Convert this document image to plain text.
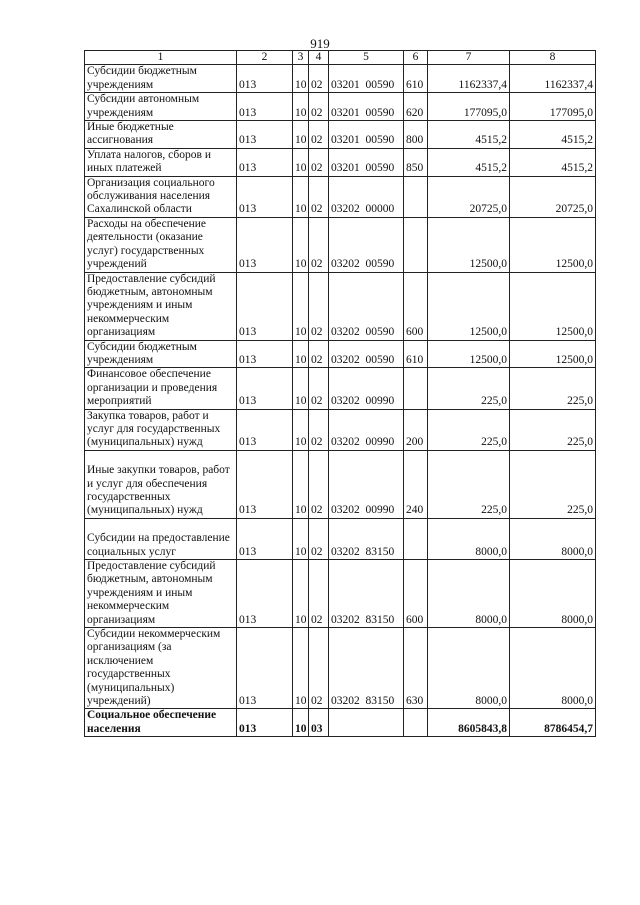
919
1	2	3	4	5	6	7	8
Субсидии бюджетным учреждениям	013	10	02	03201  00590	610	1162337,4	1162337,4
Субсидии автономным учреждениям	013	10	02	03201  00590	620	177095,0	177095,0
Иные бюджетные ассигнования	013	10	02	03201  00590	800	4515,2	4515,2
Уплата налогов, сборов и иных платежей	013	10	02	03201  00590	850	4515,2	4515,2
Организация социального обслуживания населения Сахалинской области	013	10	02	03202  00000		20725,0	20725,0
Расходы на обеспечение деятельности (оказание услуг) государственных учреждений	013	10	02	03202  00590		12500,0	12500,0
Предоставление субсидий бюджетным, автономным учреждениям и иным некоммерческим организациям	013	10	02	03202  00590	600	12500,0	12500,0
Субсидии бюджетным учреждениям	013	10	02	03202  00590	610	12500,0	12500,0
Финансовое обеспечение организации и проведения мероприятий	013	10	02	03202  00990		225,0	225,0
Закупка товаров, работ и услуг для государственных (муниципальных) нужд	013	10	02	03202  00990	200	225,0	225,0
Иные закупки товаров, работ и услуг для обеспечения государственных (муниципальных) нужд	013	10	02	03202  00990	240	225,0	225,0
Субсидии на предоставление социальных услуг	013	10	02	03202  83150		8000,0	8000,0
Предоставление субсидий бюджетным, автономным учреждениям и иным некоммерческим организациям	013	10	02	03202  83150	600	8000,0	8000,0
Субсидии некоммерческим организациям (за исключением государственных (муниципальных) учреждений)	013	10	02	03202  83150	630	8000,0	8000,0
Социальное обеспечение населения	013	10	03			8605843,8	8786454,7
